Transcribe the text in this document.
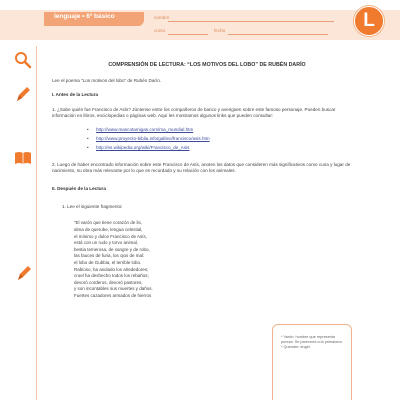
lenguaje • 6º básico	nombre
curso	fecha	L
COMPRENSIÓN DE LECTURA: “LOS MOTIVOS DEL LOBO” DE RUBÉN DARÍO
Lee el poema “Los motivos del lobo” de Rubén Darío.
I. Antes de la Lectura
1. ¿Sabe quién fue Francisco de Asís? Júntense entre los compañeros de banco y averigüen sobre este famoso personaje. Pueden buscar información en libros, enciclopedias o páginas web. Aquí les mostramos algunos links que pueden consultar:
• http://www.mascotamigas.com/ma_mundial.htm
• http://www.proyecto-biblia.info/galileo/francisco/asis.htm
• http://es.wikipedia.org/wiki/Francisco_de_Asis
2. Luego de haber encontrado información sobre este Francisco de Asís, anoten los datos que consideren más significativos como cuna y lugar de nacimiento, su obra más relevante por lo que es recordado y su relación con los animales.
II. Después de la Lectura
1. Lee el siguiente fragmento:
“El varón que tiene corazón de lis,
alma de querube, lengua celestial,
el mínimo y dulce Francisco de Asís,
está con un rudo y torvo animal,
bestia temerosa, de sangre y de robo,
las fauces de furia, los ojos de mal:
el lobo de Gubbia, el terrible lobo.
Rabioso, ha asolado los alrededores;
cruel ha deshecho todos los rebaños;
devoró corderos, devoró pastores,
y son incontables sus muertes y daños.
Fuertes cazadores armados de hierros
* Varón: hombre que representa pureza. Se parecería a la primavera. * Querube: ángel.
